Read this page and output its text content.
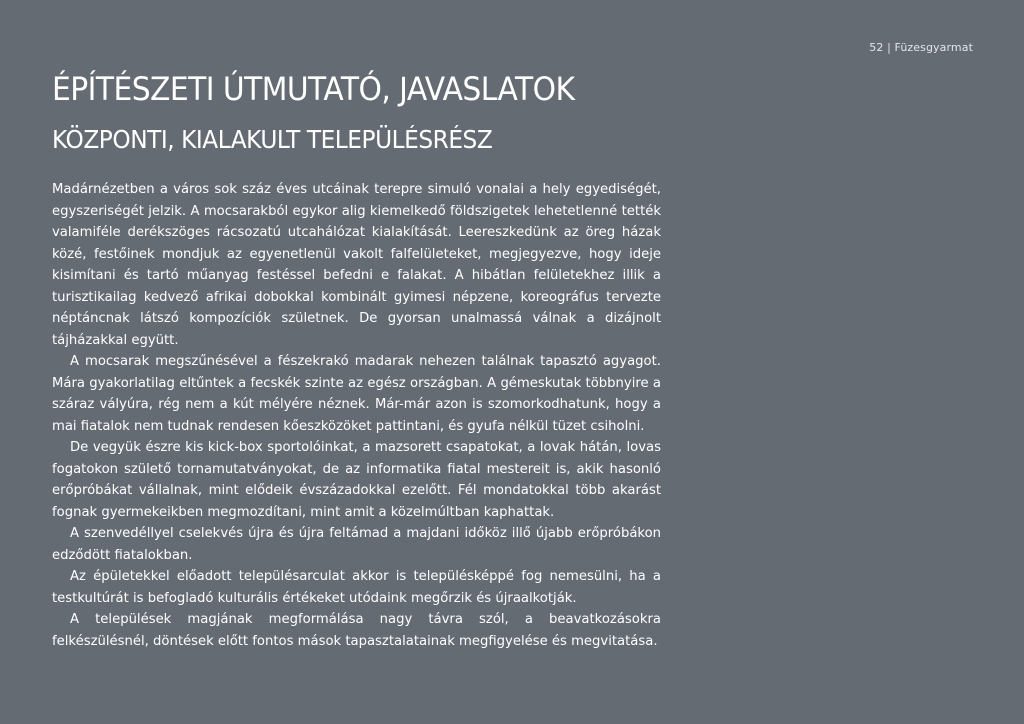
52 | Füzesgyarmat
ÉPÍTÉSZETI ÚTMUTATÓ, JAVASLATOK
KÖZPONTI, KIALAKULT TELEPÜLÉSRÉSZ

Madárnézetben a város sok száz éves utcáinak terepre simuló vonalai a hely egyediségét, egyszeriségét jelzik. A mocsarakból egykor alig kiemelkedő földszigetek lehetetlenné tették valamiféle derékszöges rácsozatú utcahálózat kialakítását. Leereszkedünk az öreg házak közé, festőinek mondjuk az egyenetlenül vakolt falfelületeket, megjegyezve, hogy ideje kisimítani és tartó műanyag festéssel befedni e falakat. A hibátlan felületekhez illik a turisztikailag kedvező afrikai dobokkal kombinált gyimesi népzene, koreográfus tervezte néptáncnak látszó kompozíciók születnek. De gyorsan unalmassá válnak a dizájnolt tájházakkal együtt.

A mocsarak megszűnésével a fészekrakó madarak nehezen találnak tapasztó agyagot. Mára gyakorlatilag eltűntek a fecskék szinte az egész országban. A gémeskutak többnyire a száraz vályúra, rég nem a kút mélyére néznek. Már-már azon is szomorkodhatunk, hogy a mai fiatalok nem tudnak rendesen kőeszközöket pattintani, és gyufa nélkül tüzet csiholni.

De vegyük észre kis kick-box sportolóinkat, a mazsorett csapatokat, a lovak hátán, lovas fogatokon születő tornamutatványokat, de az informatika fiatal mestereit is, akik hasonló erőpróbákat vállalnak, mint elődeik évszázadokkal ezelőtt. Fél mondatokkal több akarást fognak gyermekeikben megmozdítani, mint amit a közelmúltban kaphattak.

A szenvedéllyel cselekvés újra és újra feltámad a majdani időköz illő újabb erőpróbákon edződött fiatalokban.

Az épületekkel előadott településarculat akkor is településképpé fog nemesülni, ha a testkultúrát is befogladó kulturális értékeket utódaink megőrzik és újraalkotják.

A települések magjának megformálása nagy távra szól, a beavatkozásokra felkészülésnél, döntések előtt fontos mások tapasztalatainak megfigyelése és megvitatása.
